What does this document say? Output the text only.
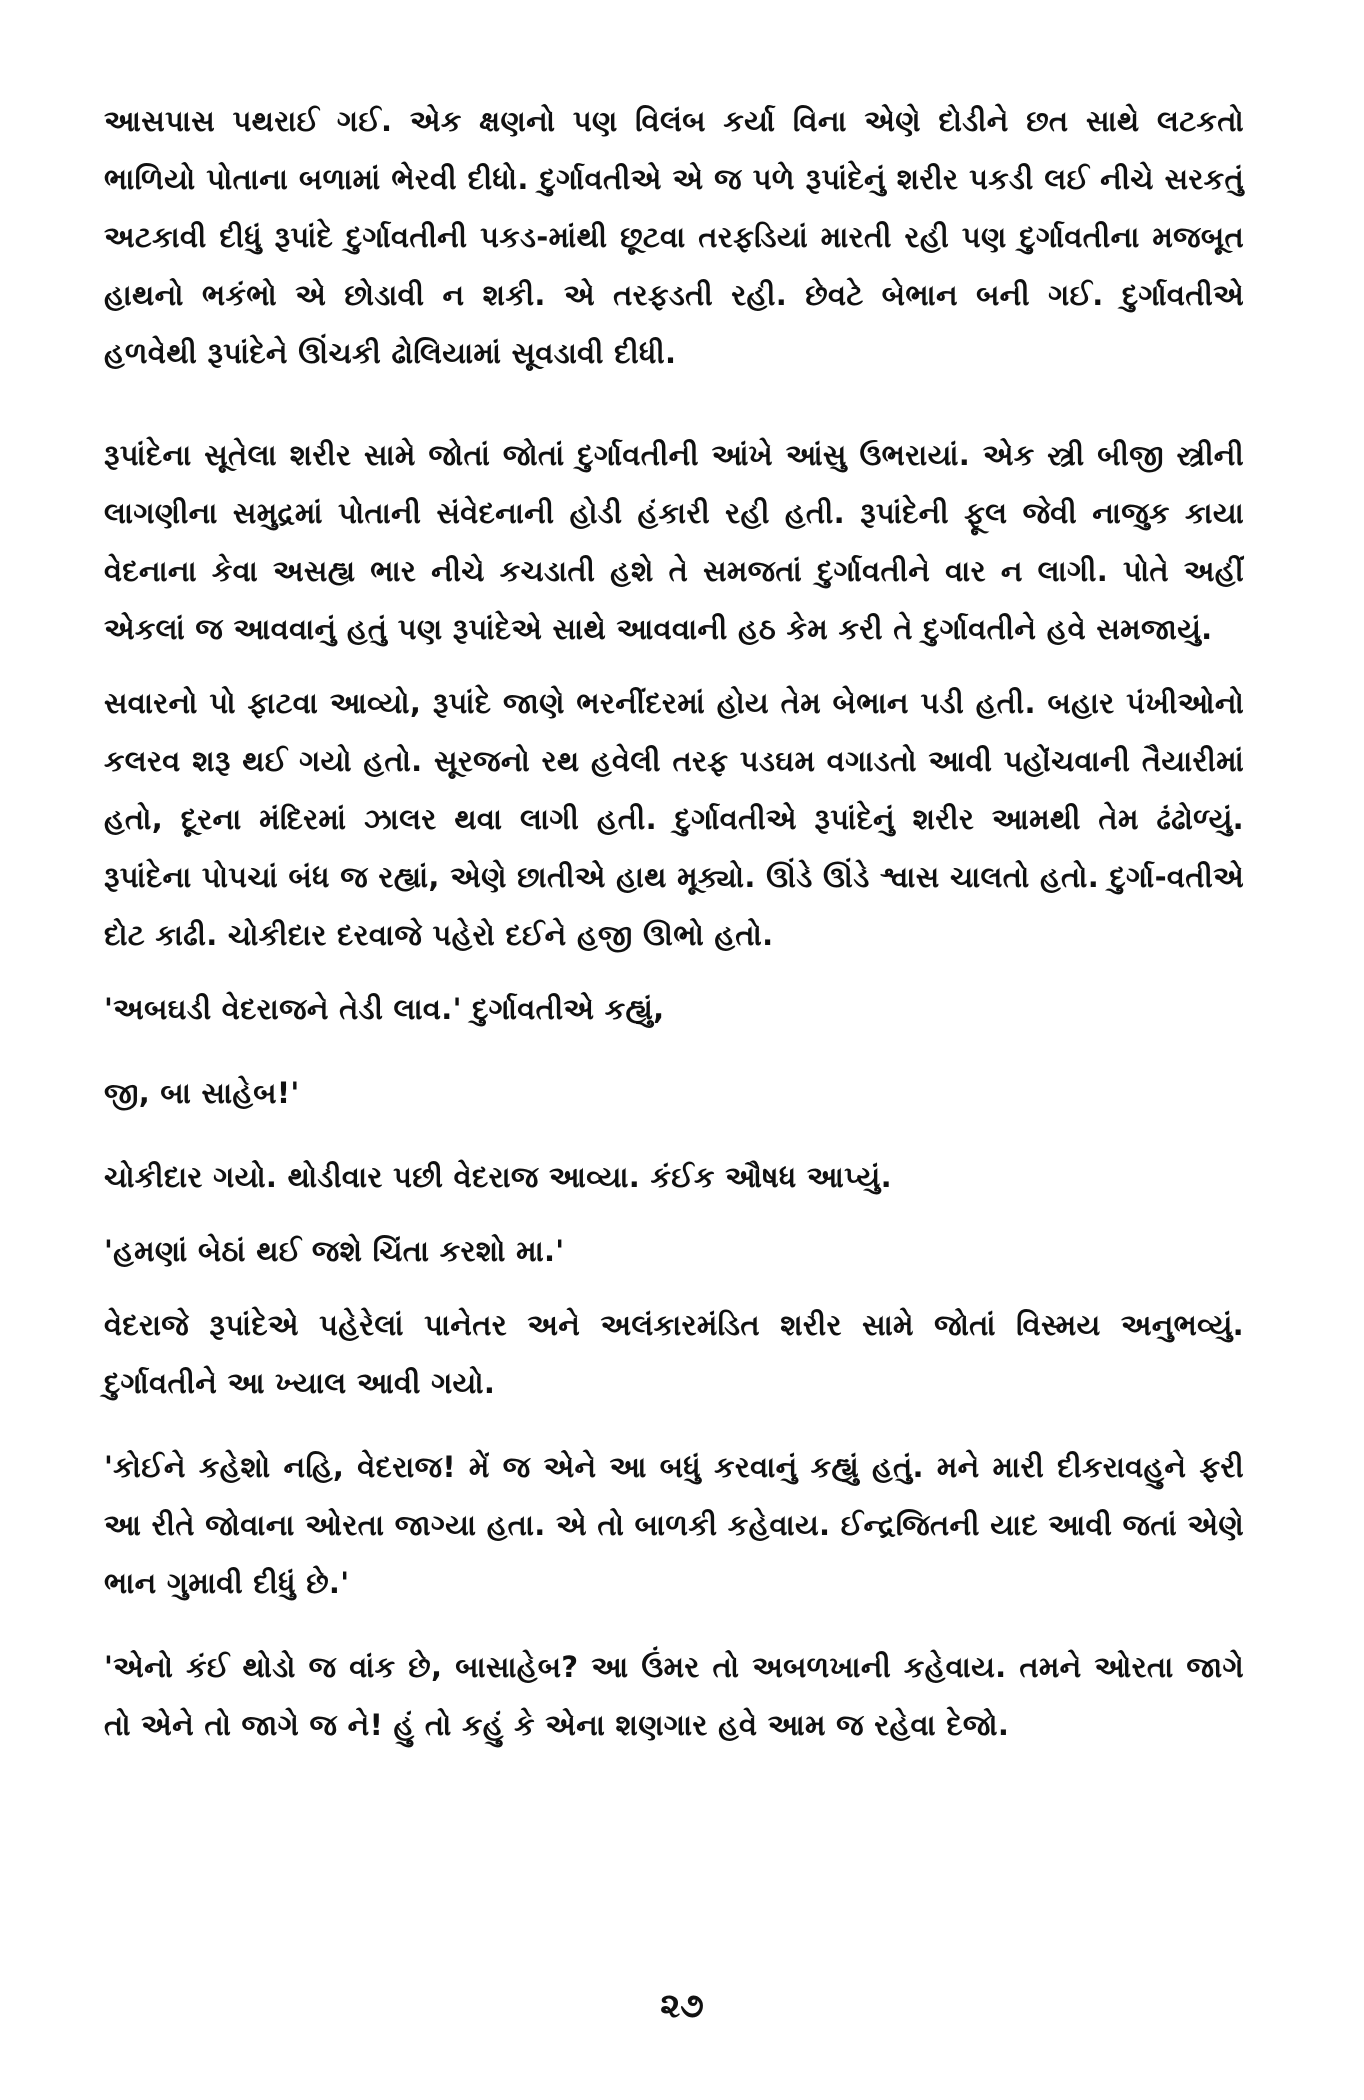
આસપાસ પથરાઈ ગઈ. એક ક્ષણનો પણ વિલંબ કર્યા વિના એણે દોડીને છત સાથે લટકતો ભાળિયો પોતાના બળામાં ભેરવી દીધો. દુર્ગાવતીએ એ જ પળે રૂપાંદેનું શરીર પકડી લઈ નીચે સરકતું અટકાવી દીધું રૂપાંદે દુર્ગાવતીની પકડ-માંથી છૂટવા તરફડિયાં મારતી રહી પણ દુર્ગાવતીના મજબૂત હાથનો ભકંભો એ છોડાવી ન શકી. એ તરફડતી રહી. છેવટે બેભાન બની ગઈ. દુર્ગાવતીએ હળવેથી રૂપાંદેને ઊંચકી ઢોલિયામાં સૂવડાવી દીધી.

રૂપાંદેના સૂતેલા શરીર સામે જોતાં જોતાં દુર્ગાવતીની આંખે આંસુ ઉભરાયાં. એક સ્ત્રી બીજી સ્ત્રીની લાગણીના સમુદ્રમાં પોતાની સંવેદનાની હોડી હંકારી રહી હતી. રૂપાંદેની ફૂલ જેવી નાજુક કાયા વેદનાના કેવા અસહ્ય ભાર નીચે કચડાતી હશે તે સમજતાં દુર્ગાવતીને વાર ન લાગી. પોતે અહીં એકલાં જ આવવાનું હતું પણ રૂપાંદેએ સાથે આવવાની હઠ કેમ કરી તે દુર્ગાવતીને હવે સમજાયું.

સવારનો પો ફાટવા આવ્યો, રૂપાંદે જાણે ભરનીંદરમાં હોય તેમ બેભાન પડી હતી. બહાર પંખીઓનો કલરવ શરૂ થઈ ગયો હતો. સૂરજનો રથ હવેલી તરફ પડઘમ વગાડતો આવી પહોંચવાની તૈયારીમાં હતો, દૂરના મંદિરમાં ઝાલર થવા લાગી હતી. દુર્ગાવતીએ રૂપાંદેનું શરીર આમથી તેમ ઢંઢોળ્યું. રૂપાંદેના પોપચાં બંધ જ રહ્યાં, એણે છાતીએ હાથ મૂક્યો. ઊંડે ઊંડે શ્વાસ ચાલતો હતો. દુર્ગા-વતીએ દોટ કાઢી. ચોકીદાર દરવાજે પહેરો દઈને હજી ઊભો હતો.

'અબઘડી વેદરાજને તેડી લાવ.' દુર્ગાવતીએ કહ્યું,

જી, બા સાહેબ!'

ચોકીદાર ગયો. થોડીવાર પછી વેદરાજ આવ્યા. કંઈક ઔષધ આપ્યું.

'હમણાં બેઠાં થઈ જશે ચિંતા કરશો મા.'

વેદરાજે રૂપાંદેએ પહેરેલાં પાનેતર અને અલંકારમંડિત શરીર સામે જોતાં વિસ્મય અનુભવ્યું. દુર્ગાવતીને આ ખ્યાલ આવી ગયો.

'કોઈને કહેશો નહિ, વેદરાજ! મેં જ એને આ બધું કરવાનું કહ્યું હતું. મને મારી દીકરાવહુને ફરી આ રીતે જોવાના ઓરતા જાગ્યા હતા. એ તો બાળકી કહેવાય. ઈન્દ્રજિતની યાદ આવી જતાં એણે ભાન ગુમાવી દીધું છે.'

'એનો કંઈ થોડો જ વાંક છે, બાસાહેબ? આ ઉંમર તો અબળખાની કહેવાય. તમને ઓરતા જાગે તો એને તો જાગે જ ને! હું તો કહું કે એના શણગાર હવે આમ જ રહેવા દેજો.

૨૭
